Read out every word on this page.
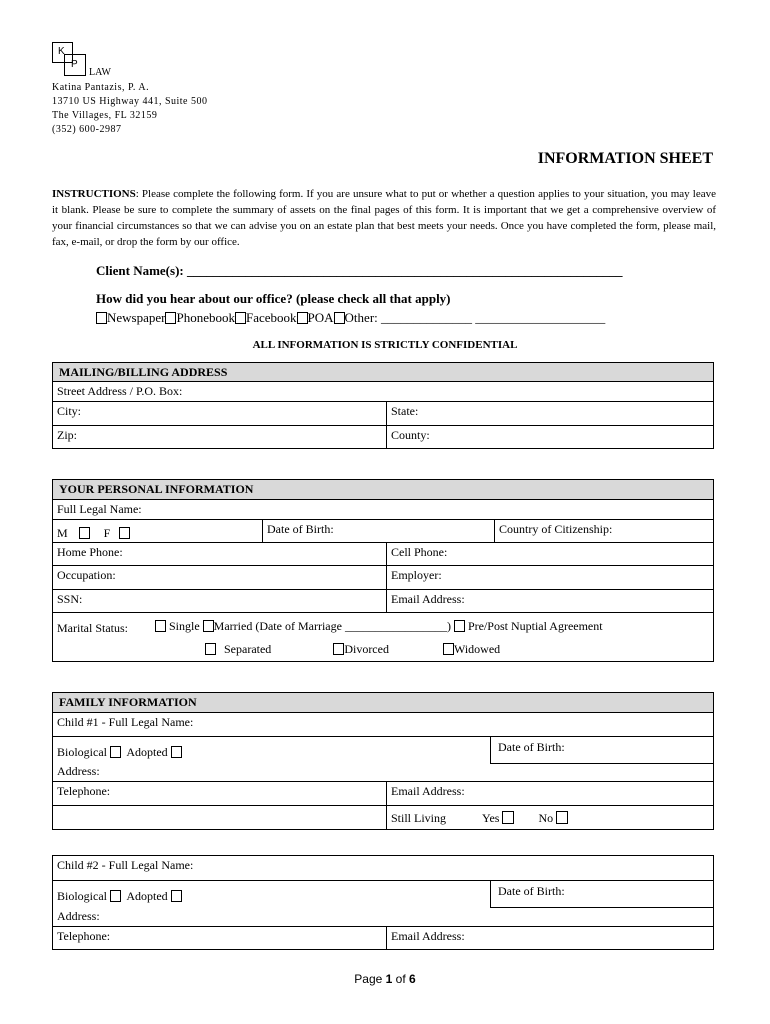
K
P
LAW
Katina Pantazis, P. A.
13710 US Highway 441, Suite 500
The Villages, FL 32159
(352) 600-2987
INFORMATION SHEET
INSTRUCTIONS: Please complete the following form. If you are unsure what to put or whether a question applies to your situation, you may leave it blank. Please be sure to complete the summary of assets on the final pages of this form. It is important that we get a comprehensive overview of your financial circumstances so that we can advise you on an estate plan that best meets your needs. Once you have completed the form, please mail, fax, e-mail, or drop the form by our office.
Client Name(s): ___________________________________________________________________
How did you hear about our office? (please check all that apply)
Newspaper Phonebook Facebook POA Other: ______________ ____________________
ALL INFORMATION IS STRICTLY CONFIDENTIAL
MAILING/BILLING ADDRESS
Street Address / P.O. Box:
City:	State:
Zip:	County:
YOUR PERSONAL INFORMATION
Full Legal Name:
M	F	Date of Birth:	Country of Citizenship:
Home Phone:	Cell Phone:
Occupation:	Employer:
SSN:	Email Address:
Marital Status:	Single Married (Date of Marriage _________________) Pre/Post Nuptial Agreement
Separated	Divorced	Widowed
FAMILY INFORMATION
Child #1 - Full Legal Name:
Biological Adopted
Address:
Date of Birth:
Telephone:	Email Address:
Still Living	Yes	No
Child #2 - Full Legal Name:
Biological Adopted
Address:
Date of Birth:
Telephone:	Email Address:
Page 1 of 6
